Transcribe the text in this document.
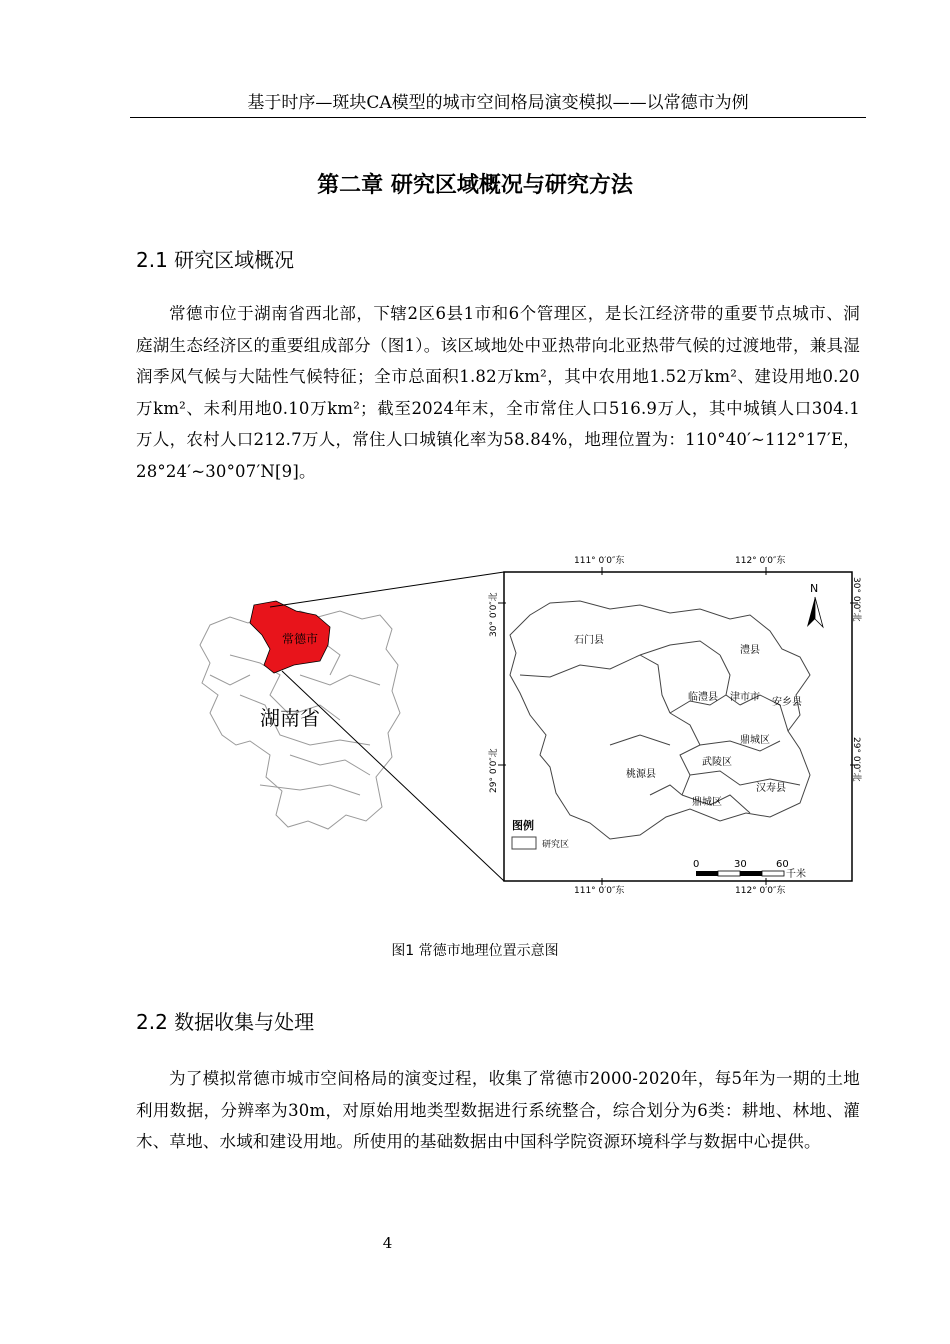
基于时序—斑块CA模型的城市空间格局演变模拟——以常德市为例
第二章 研究区域概况与研究方法
2.1 研究区域概况
常德市位于湖南省西北部，下辖2区6县1市和6个管理区，是长江经济带的重要节点城市、洞庭湖生态经济区的重要组成部分（图1）。该区域地处中亚热带向北亚热带气候的过渡地带，兼具湿润季风气候与大陆性气候特征；全市总面积1.82万km²，其中农用地1.52万km²、建设用地0.20万km²、未利用地0.10万km²；截至2024年末，全市常住人口516.9万人，其中城镇人口304.1万人，农村人口212.7万人，常住人口城镇化率为58.84%，地理位置为：110°40′~112°17′E，28°24′~30°07′N[9]。
常德市
湖南省
石门县
澧县
临澧县 津市市 安乡县
鼎城区
桃源县
武陵区
汉寿县
鼎城区
N
图例
研究区
0	30	60
千米
111° 0′0″东	112° 0′0″东
111° 0′0″东	112° 0′0″东
30° 0′0″北
29° 0′0″北
30° 0′0″北
29° 0′0″北
图1 常德市地理位置示意图
2.2 数据收集与处理
为了模拟常德市城市空间格局的演变过程，收集了常德市2000-2020年，每5年为一期的土地利用数据，分辨率为30m，对原始用地类型数据进行系统整合，综合划分为6类：耕地、林地、灌木、草地、水域和建设用地。所使用的基础数据由中国科学院资源环境科学与数据中心提供。
4
